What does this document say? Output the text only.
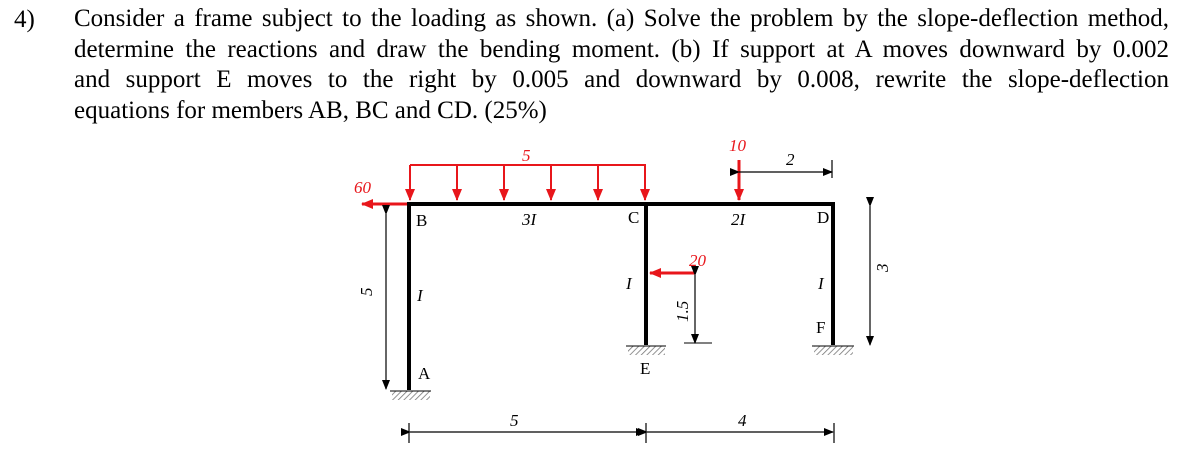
4) Consider a frame subject to the loading as shown. (a) Solve the problem by the slope-deflection method,
determine the reactions and draw the bending moment. (b) If support at A moves downward by 0.002
and support E moves to the right by 0.005 and downward by 0.008, rewrite the slope-deflection
equations for members AB, BC and CD. (25%)
5
60
10
2
20
I
3I	2I
I	I
A
B	C	D
E
F
5
3
1.5
5	4
